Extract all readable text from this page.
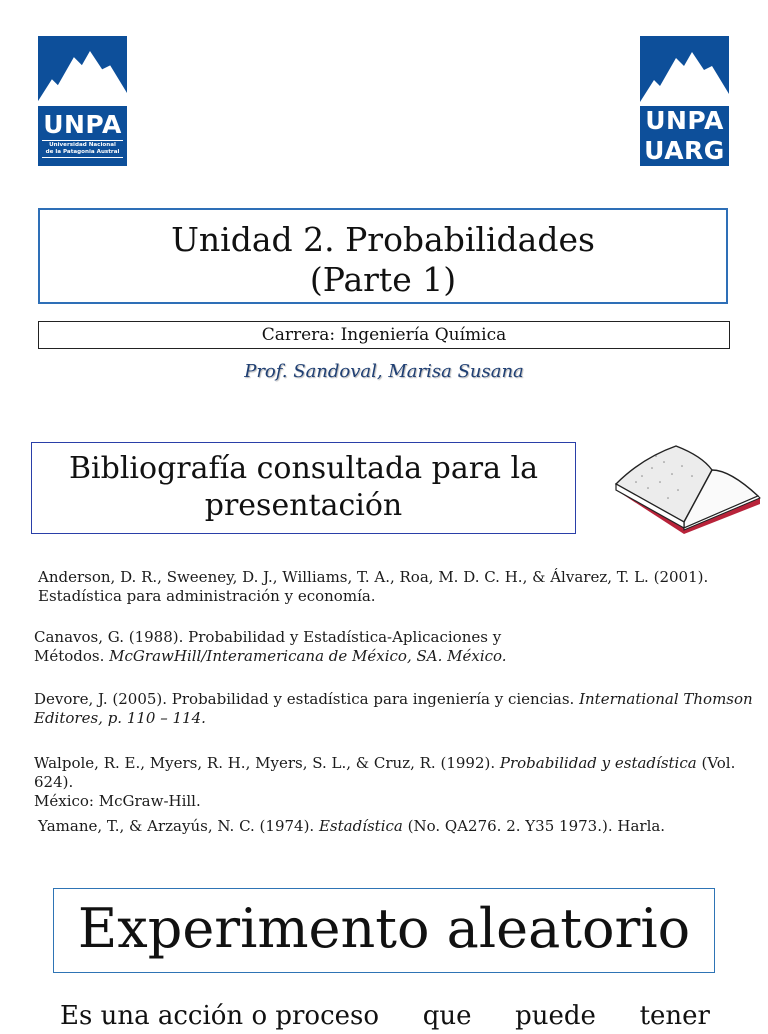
UNPA
Universidad Nacional
de la Patagonia Austral
UNPA
UARG
Unidad 2. Probabilidades
(Parte 1)
Carrera: Ingeniería Química
Prof. Sandoval, Marisa Susana
Bibliografía consultada para la
presentación
Anderson, D. R., Sweeney, D. J., Williams, T. A., Roa, M. D. C. H., & Álvarez, T. L. (2001).
Estadística para administración y economía.
Canavos, G. (1988). Probabilidad y Estadística-Aplicaciones y
Métodos. McGrawHill/Interamericana de México, SA. México.
Devore, J. (2005). Probabilidad y estadística para ingeniería y ciencias. International Thomson
Editores, p. 110 – 114.
Walpole, R. E., Myers, R. H., Myers, S. L., & Cruz, R. (1992). Probabilidad y estadística (Vol. 624).
México: McGraw-Hill.
Yamane, T., & Arzayús, N. C. (1974). Estadística (No. QA276. 2. Y35 1973.). Harla.
Experimento aleatorio
Es una acción o proceso que puede tener
